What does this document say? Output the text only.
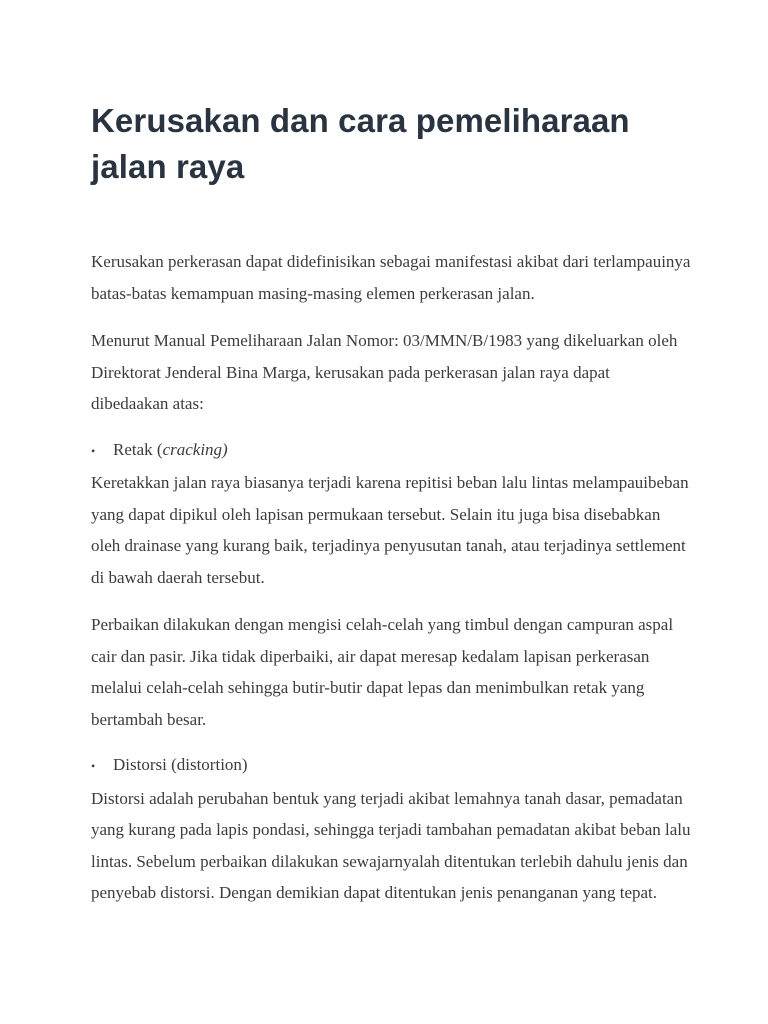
Kerusakan dan cara pemeliharaan jalan raya

Kerusakan perkerasan dapat didefinisikan sebagai manifestasi akibat dari terlampauinya batas-batas kemampuan masing-masing elemen perkerasan jalan.

Menurut Manual Pemeliharaan Jalan Nomor: 03/MMN/B/1983 yang dikeluarkan oleh Direktorat Jenderal Bina Marga, kerusakan pada perkerasan jalan raya dapat dibedaakan atas:

•	Retak (cracking)

Keretakkan jalan raya biasanya terjadi karena repitisi beban lalu lintas melampauibeban yang dapat dipikul oleh lapisan permukaan tersebut. Selain itu juga bisa disebabkan oleh drainase yang kurang baik, terjadinya penyusutan tanah, atau terjadinya settlement di bawah daerah tersebut.

Perbaikan dilakukan dengan mengisi celah-celah yang timbul dengan campuran aspal cair dan pasir. Jika tidak diperbaiki, air dapat meresap kedalam lapisan perkerasan melalui celah-celah sehingga butir-butir dapat lepas dan menimbulkan retak yang bertambah besar.

•	Distorsi (distortion)

Distorsi adalah perubahan bentuk yang terjadi akibat lemahnya tanah dasar, pemadatan yang kurang pada lapis pondasi, sehingga terjadi tambahan pemadatan akibat beban lalu lintas. Sebelum perbaikan dilakukan sewajarnyalah ditentukan terlebih dahulu jenis dan penyebab distorsi. Dengan demikian dapat ditentukan jenis penanganan yang tepat.
